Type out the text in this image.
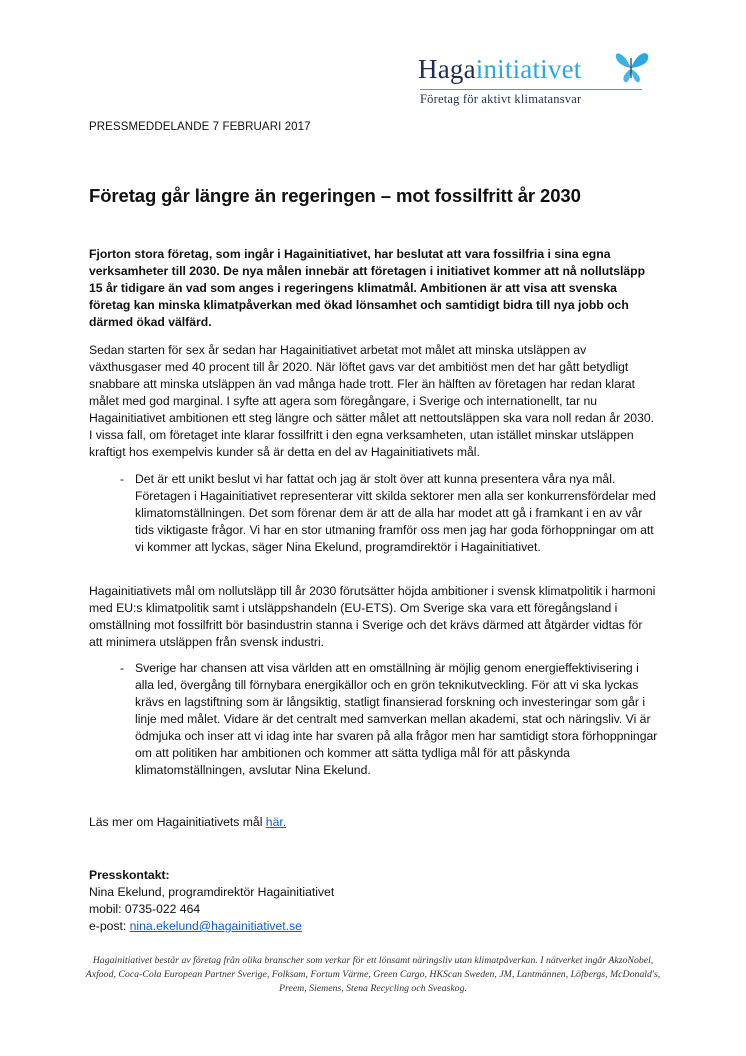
Hagainitiativet
Företag för aktivt klimatansvar
PRESSMEDDELANDE 7 FEBRUARI 2017
Företag går längre än regeringen – mot fossilfritt år 2030
Fjorton stora företag, som ingår i Hagainitiativet, har beslutat att vara fossilfria i sina egna verksamheter till 2030. De nya målen innebär att företagen i initiativet kommer att nå nollutsläpp 15 år tidigare än vad som anges i regeringens klimatmål. Ambitionen är att visa att svenska företag kan minska klimatpåverkan med ökad lönsamhet och samtidigt bidra till nya jobb och därmed ökad välfärd.
Sedan starten för sex år sedan har Hagainitiativet arbetat mot målet att minska utsläppen av växthusgaser med 40 procent till år 2020. När löftet gavs var det ambitiöst men det har gått betydligt snabbare att minska utsläppen än vad många hade trott. Fler än hälften av företagen har redan klarat målet med god marginal. I syfte att agera som föregångare, i Sverige och internationellt, tar nu Hagainitiativet ambitionen ett steg längre och sätter målet att nettoutsläppen ska vara noll redan år 2030. I vissa fall, om företaget inte klarar fossilfritt i den egna verksamheten, utan istället minskar utsläppen kraftigt hos exempelvis kunder så är detta en del av Hagainitiativets mål.
- Det är ett unikt beslut vi har fattat och jag är stolt över att kunna presentera våra nya mål. Företagen i Hagainitiativet representerar vitt skilda sektorer men alla ser konkurrensfördelar med klimatomställningen. Det som förenar dem är att de alla har modet att gå i framkant i en av vår tids viktigaste frågor. Vi har en stor utmaning framför oss men jag har goda förhoppningar om att vi kommer att lyckas, säger Nina Ekelund, programdirektör i Hagainitiativet.
Hagainitiativets mål om nollutsläpp till år 2030 förutsätter höjda ambitioner i svensk klimatpolitik i harmoni med EU:s klimatpolitik samt i utsläppshandeln (EU-ETS). Om Sverige ska vara ett föregångsland i omställning mot fossilfritt bör basindustrin stanna i Sverige och det krävs därmed att åtgärder vidtas för att minimera utsläppen från svensk industri.
- Sverige har chansen att visa världen att en omställning är möjlig genom energieffektivisering i alla led, övergång till förnybara energikällor och en grön teknikutveckling. För att vi ska lyckas krävs en lagstiftning som är långsiktig, statligt finansierad forskning och investeringar som går i linje med målet. Vidare är det centralt med samverkan mellan akademi, stat och näringsliv. Vi är ödmjuka och inser att vi idag inte har svaren på alla frågor men har samtidigt stora förhoppningar om att politiken har ambitionen och kommer att sätta tydliga mål för att påskynda klimatomställningen, avslutar Nina Ekelund.
Läs mer om Hagainitiativets mål här.
Presskontakt:
Nina Ekelund, programdirektör Hagainitiativet
mobil: 0735-022 464
e-post: nina.ekelund@hagainitiativet.se
Hagainitiativet består av företag från olika branscher som verkar för ett lönsamt näringsliv utan klimatpåverkan. I nätverket ingår AkzoNobel, Axfood, Coca-Cola European Partner Sverige, Folksam, Fortum Värme, Green Cargo, HKScan Sweden, JM, Lantmännen, Löfbergs, McDonald's, Preem, Siemens, Stena Recycling och Sveaskog.
